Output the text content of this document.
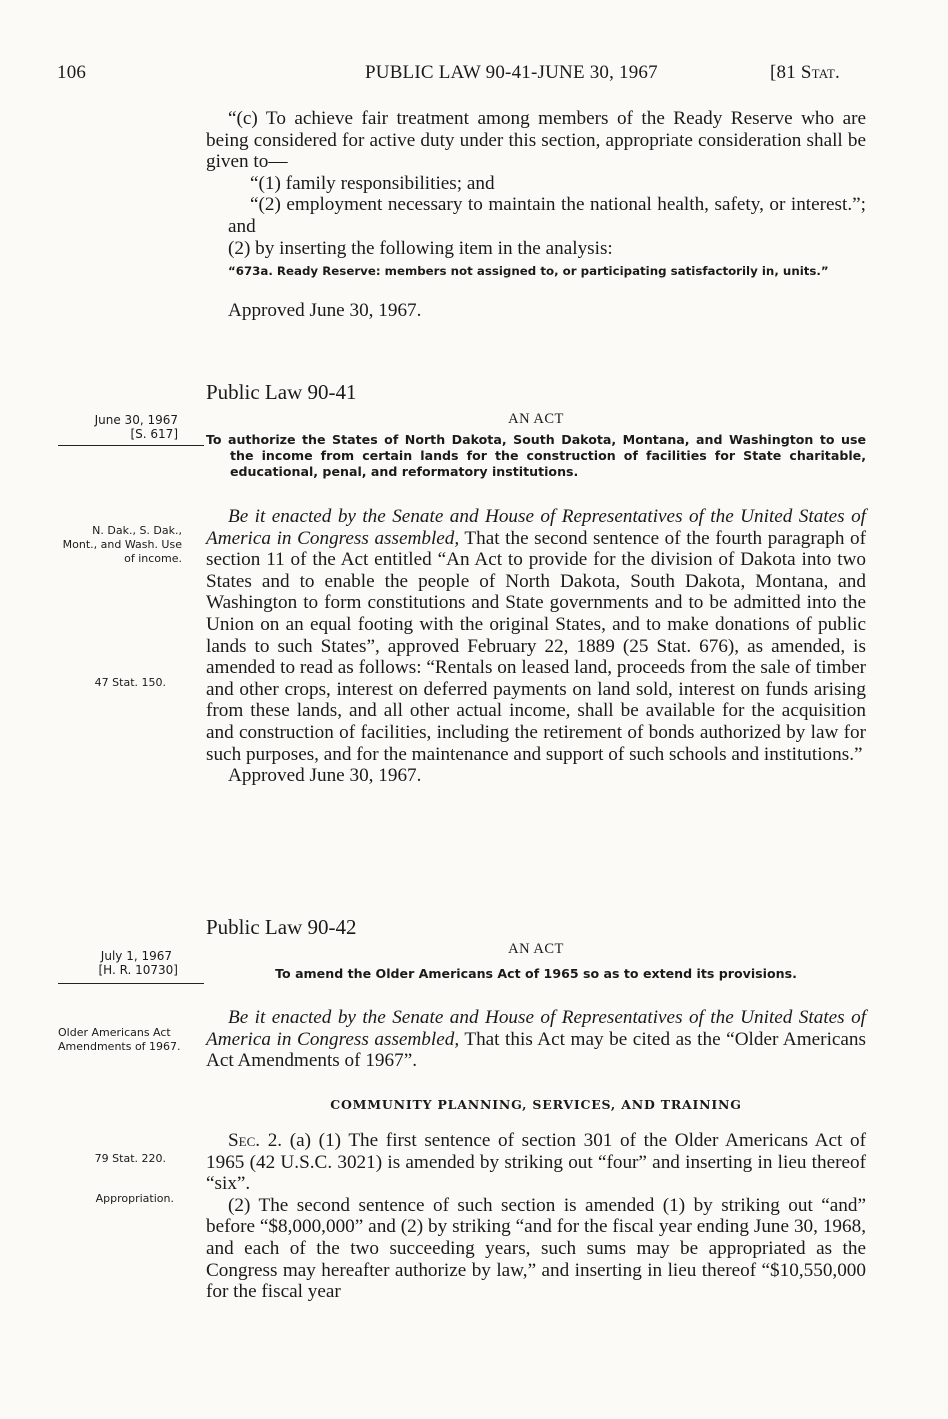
106	PUBLIC LAW 90-41-JUNE 30, 1967	[81 Stat.

“(c) To achieve fair treatment among members of the Ready Reserve who are being considered for active duty under this section, appropriate consideration shall be given to—

“(1) family responsibilities; and

“(2) employment necessary to maintain the national health, safety, or interest.”; and

(2) by inserting the following item in the analysis:

“673a. Ready Reserve: members not assigned to, or participating satisfactorily in, units.”
Approved June 30, 1967.
Public Law 90-41
June 30, 1967
[S. 617]
AN ACT
To authorize the States of North Dakota, South Dakota, Montana, and Washington to use the income from certain lands for the construction of facilities for State charitable, educational, penal, and reformatory institutions.
N. Dak., S. Dak., Mont., and Wash. Use of income.
47 Stat. 150.

Be it enacted by the Senate and House of Representatives of the United States of America in Congress assembled, That the second sentence of the fourth paragraph of section 11 of the Act entitled “An Act to provide for the division of Dakota into two States and to enable the people of North Dakota, South Dakota, Montana, and Washington to form constitutions and State governments and to be admitted into the Union on an equal footing with the original States, and to make donations of public lands to such States”, approved February 22, 1889 (25 Stat. 676), as amended, is amended to read as follows: “Rentals on leased land, proceeds from the sale of timber and other crops, interest on deferred payments on land sold, interest on funds arising from these lands, and all other actual income, shall be available for the acquisition and construction of facilities, including the retirement of bonds authorized by law for such purposes, and for the maintenance and support of such schools and institutions.”

Approved June 30, 1967.

Public Law 90-42
July 1, 1967
[H. R. 10730]
AN ACT
To amend the Older Americans Act of 1965 so as to extend its provisions.
Older Americans Act Amendments of 1967.

Be it enacted by the Senate and House of Representatives of the United States of America in Congress assembled, That this Act may be cited as the “Older Americans Act Amendments of 1967”.

COMMUNITY PLANNING, SERVICES, AND TRAINING
79 Stat. 220.
Appropriation.

Sec. 2. (a) (1) The first sentence of section 301 of the Older Americans Act of 1965 (42 U.S.C. 3021) is amended by striking out “four” and inserting in lieu thereof “six”.

(2) The second sentence of such section is amended (1) by striking out “and” before “$8,000,000” and (2) by striking “and for the fiscal year ending June 30, 1968, and each of the two succeeding years, such sums may be appropriated as the Congress may hereafter authorize by law,” and inserting in lieu thereof “$10,550,000 for the fiscal year
